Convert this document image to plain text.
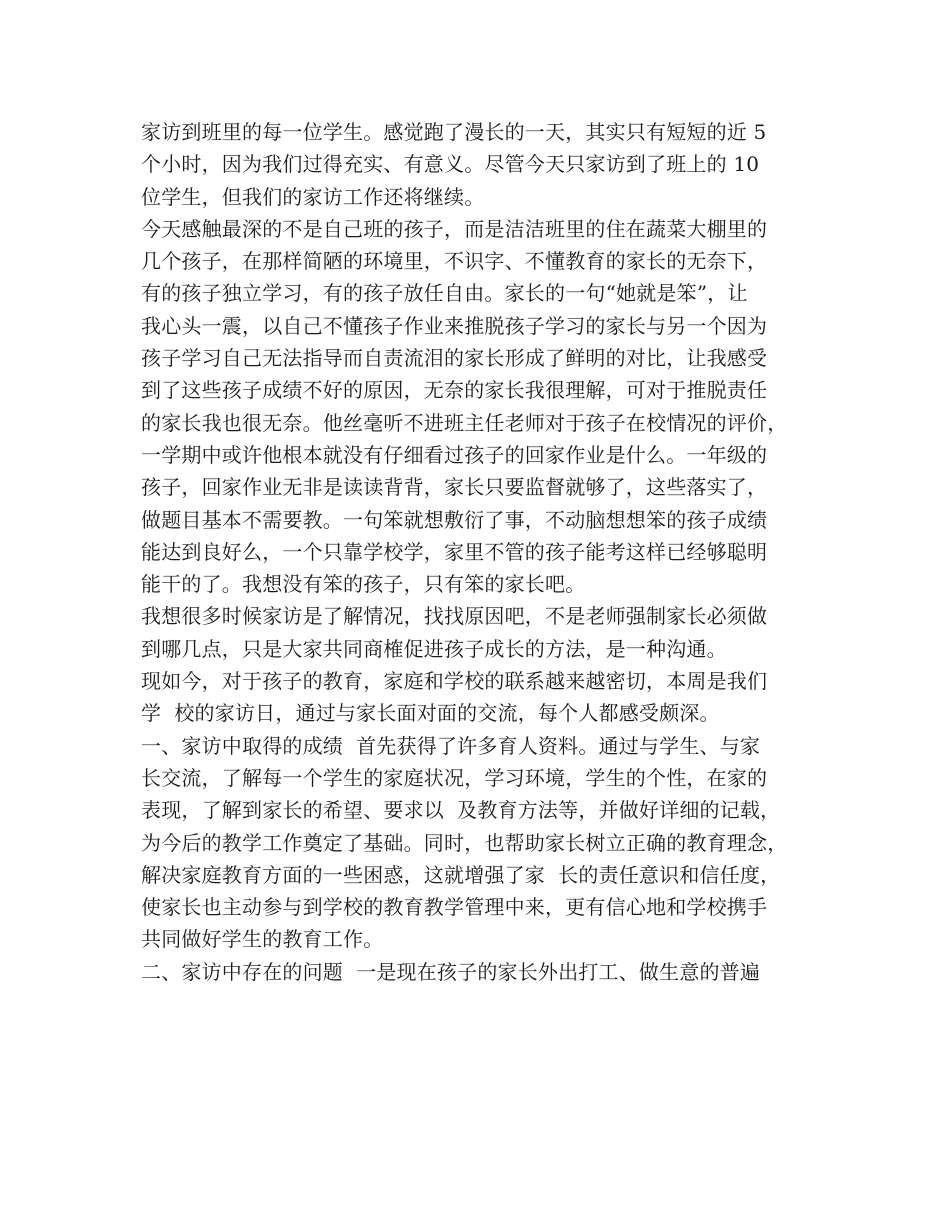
家访到班里的每一位学生。感觉跑了漫长的一天，其实只有短短的近 5
个小时，因为我们过得充实、有意义。尽管今天只家访到了班上的 10
位学生，但我们的家访工作还将继续。
今天感触最深的不是自己班的孩子，而是洁洁班里的住在蔬菜大棚里的
几个孩子，在那样简陋的环境里，不识字、不懂教育的家长的无奈下，
有的孩子独立学习，有的孩子放任自由。家长的一句“她就是笨”，让
我心头一震，以自己不懂孩子作业来推脱孩子学习的家长与另一个因为
孩子学习自己无法指导而自责流泪的家长形成了鲜明的对比，让我感受
到了这些孩子成绩不好的原因，无奈的家长我很理解，可对于推脱责任
的家长我也很无奈。他丝毫听不进班主任老师对于孩子在校情况的评价，
一学期中或许他根本就没有仔细看过孩子的回家作业是什么。一年级的
孩子，回家作业无非是读读背背，家长只要监督就够了，这些落实了，
做题目基本不需要教。一句笨就想敷衍了事，不动脑想想笨的孩子成绩
能达到良好么，一个只靠学校学，家里不管的孩子能考这样已经够聪明
能干的了。我想没有笨的孩子，只有笨的家长吧。
我想很多时候家访是了解情况，找找原因吧，不是老师强制家长必须做
到哪几点，只是大家共同商榷促进孩子成长的方法，是一种沟通。
现如今，对于孩子的教育，家庭和学校的联系越来越密切，本周是我们
学  校的家访日，通过与家长面对面的交流，每个人都感受颇深。
一、家访中取得的成绩  首先获得了许多育人资料。通过与学生、与家
长交流，了解每一个学生的家庭状况，学习环境，学生的个性，在家的
表现，了解到家长的希望、要求以  及教育方法等，并做好详细的记载，
为今后的教学工作奠定了基础。同时，也帮助家长树立正确的教育理念，
解决家庭教育方面的一些困惑，这就增强了家  长的责任意识和信任度，
使家长也主动参与到学校的教育教学管理中来，更有信心地和学校携手
共同做好学生的教育工作。
二、家访中存在的问题  一是现在孩子的家长外出打工、做生意的普遍
